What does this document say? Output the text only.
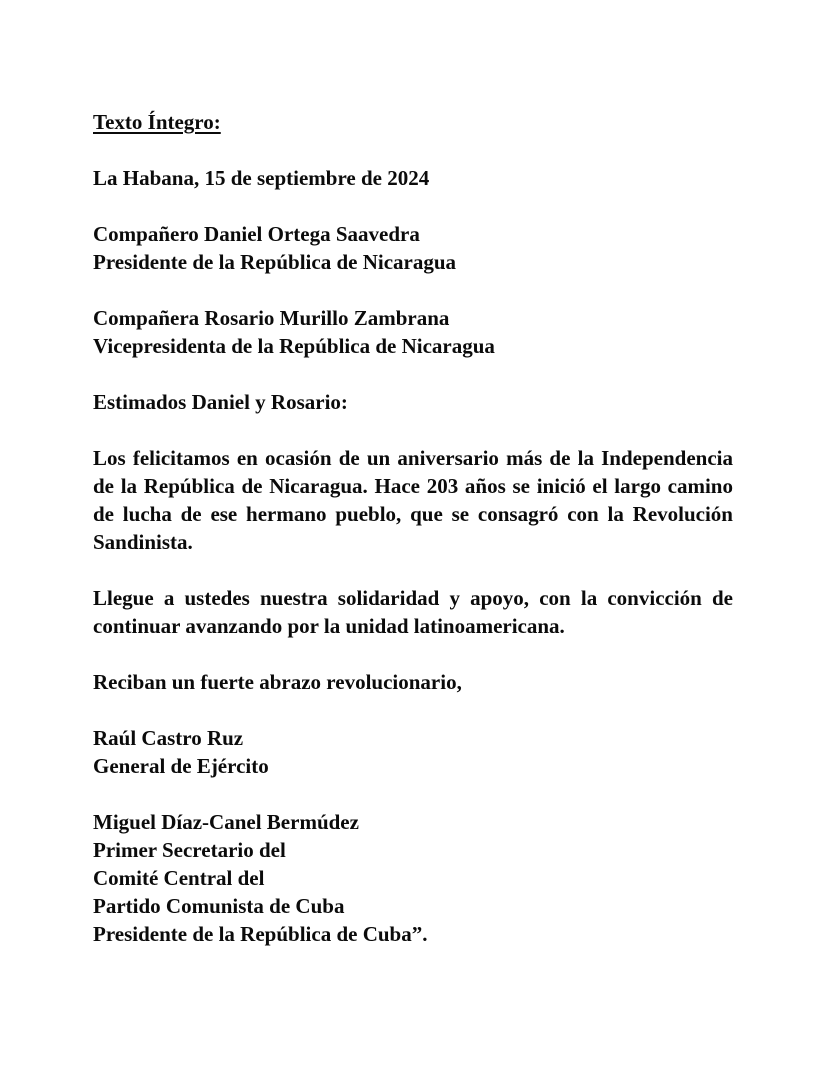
Texto Íntegro:
La Habana, 15 de septiembre de 2024
Compañero Daniel Ortega Saavedra
Presidente de la República de Nicaragua
Compañera Rosario Murillo Zambrana
Vicepresidenta de la República de Nicaragua
Estimados Daniel y Rosario:
Los felicitamos en ocasión de un aniversario más de la Independencia de la República de Nicaragua. Hace 203 años se inició el largo camino de lucha de ese hermano pueblo, que se consagró con la Revolución Sandinista.
Llegue a ustedes nuestra solidaridad y apoyo, con la convicción de continuar avanzando por la unidad latinoamericana.
Reciban un fuerte abrazo revolucionario,
Raúl Castro Ruz
General de Ejército
Miguel Díaz-Canel Bermúdez
Primer Secretario del
Comité Central del
Partido Comunista de Cuba
Presidente de la República de Cuba”.
